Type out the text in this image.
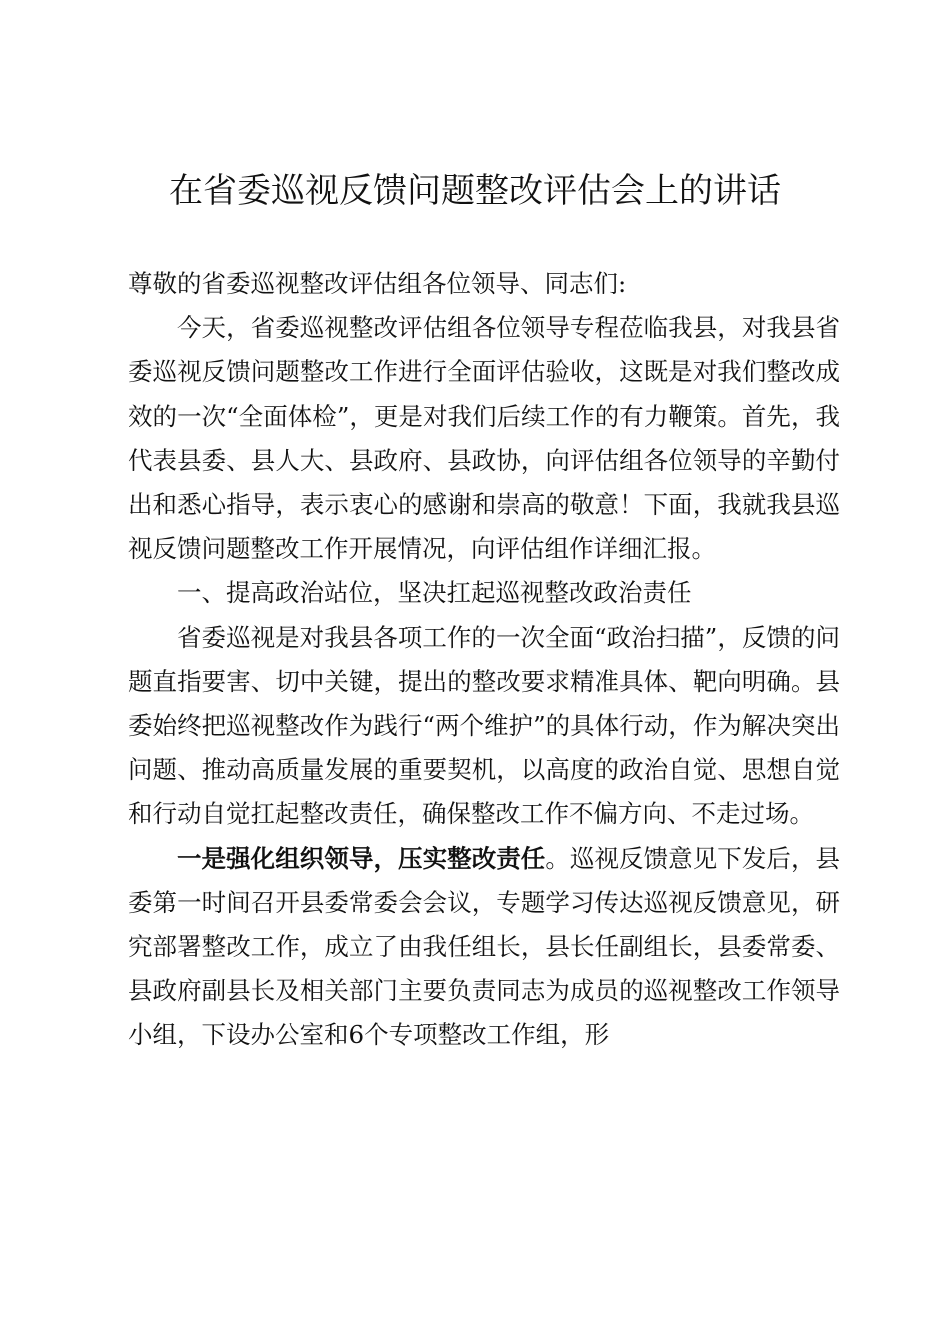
在省委巡视反馈问题整改评估会上的讲话

尊敬的省委巡视整改评估组各位领导、同志们:

今天，省委巡视整改评估组各位领导专程莅临我县，对我县省委巡视反馈问题整改工作进行全面评估验收，这既是对我们整改成效的一次“全面体检”，更是对我们后续工作的有力鞭策。首先，我代表县委、县人大、县政府、县政协，向评估组各位领导的辛勤付出和悉心指导，表示衷心的感谢和崇高的敬意！下面，我就我县巡视反馈问题整改工作开展情况，向评估组作详细汇报。

一、提高政治站位，坚决扛起巡视整改政治责任

省委巡视是对我县各项工作的一次全面“政治扫描”，反馈的问题直指要害、切中关键，提出的整改要求精准具体、靶向明确。县委始终把巡视整改作为践行“两个维护”的具体行动，作为解决突出问题、推动高质量发展的重要契机，以高度的政治自觉、思想自觉和行动自觉扛起整改责任，确保整改工作不偏方向、不走过场。

一是强化组织领导，压实整改责任。巡视反馈意见下发后，县委第一时间召开县委常委会会议，专题学习传达巡视反馈意见，研究部署整改工作，成立了由我任组长，县长任副组长，县委常委、县政府副县长及相关部门主要负责同志为成员的巡视整改工作领导小组，下设办公室和6个专项整改工作组，形
